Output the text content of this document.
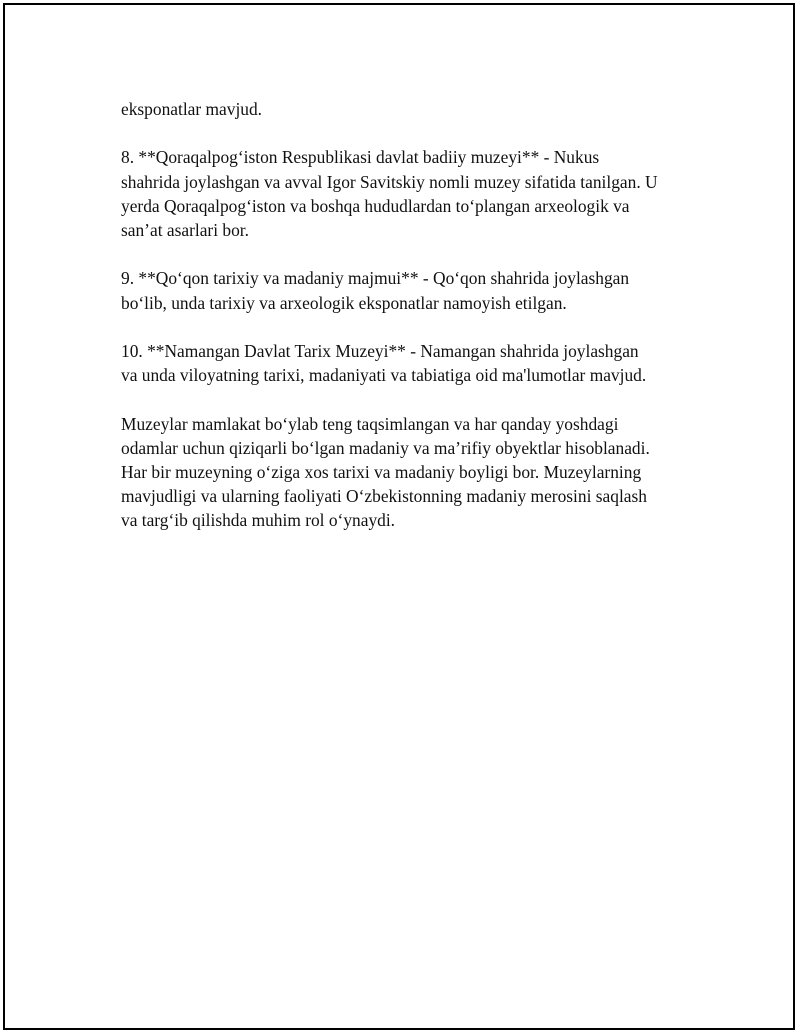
eksponatlar mavjud.

8. **Qoraqalpog‘iston Respublikasi davlat badiiy muzeyi** - Nukus
shahrida joylashgan va avval Igor Savitskiy nomli muzey sifatida tanilgan. U
yerda Qoraqalpog‘iston va boshqa hududlardan to‘plangan arxeologik va
san’at asarlari bor.

9. **Qo‘qon tarixiy va madaniy majmui** - Qo‘qon shahrida joylashgan
bo‘lib, unda tarixiy va arxeologik eksponatlar namoyish etilgan.

10. **Namangan Davlat Tarix Muzeyi** - Namangan shahrida joylashgan
va unda viloyatning tarixi, madaniyati va tabiatiga oid ma'lumotlar mavjud.

Muzeylar mamlakat bo‘ylab teng taqsimlangan va har qanday yoshdagi
odamlar uchun qiziqarli bo‘lgan madaniy va ma’rifiy obyektlar hisoblanadi.
Har bir muzeyning o‘ziga xos tarixi va madaniy boyligi bor. Muzeylarning
mavjudligi va ularning faoliyati O‘zbekistonning madaniy merosini saqlash
va targ‘ib qilishda muhim rol o‘ynaydi.
